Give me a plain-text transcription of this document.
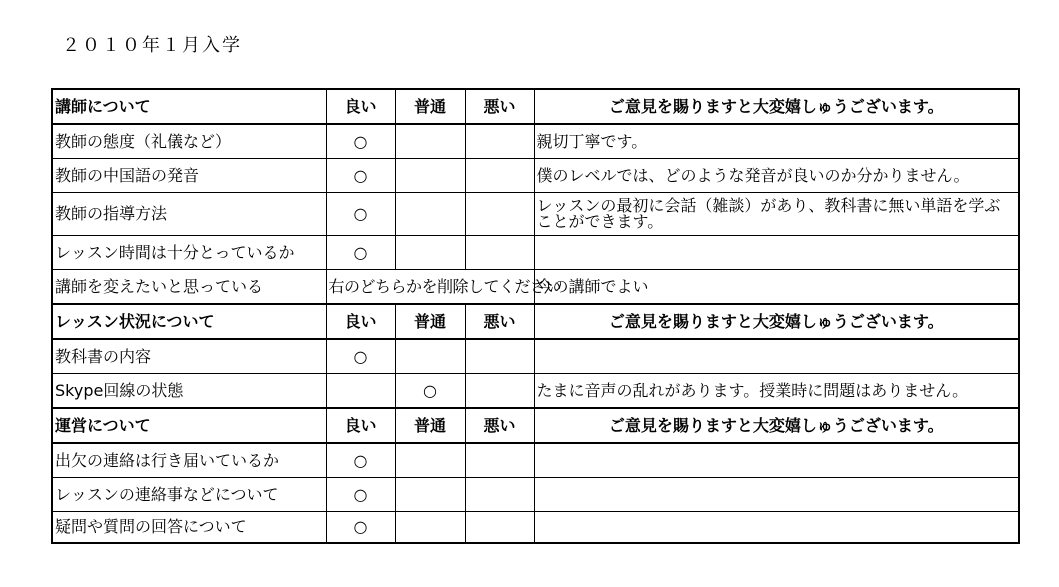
２０１０年１月入学
講師について	良い	普通	悪い	ご意見を賜りますと大変嬉しゅうございます。
教師の態度（礼儀など）	○			親切丁寧です。
教師の中国語の発音	○			僕のレベルでは、どのような発音が良いのか分かりません。
教師の指導方法	○			レッスンの最初に会話（雑談）があり、教科書に無い単語を学ぶことができます。
レッスン時間は十分とっているか	○			
講師を変えたいと思っている	右のどちらかを削除してください			今の講師でよい
レッスン状況について	良い	普通	悪い	ご意見を賜りますと大変嬉しゅうございます。
教科書の内容	○			
Skype回線の状態		○		たまに音声の乱れがあります。授業時に問題はありません。
運営について	良い	普通	悪い	ご意見を賜りますと大変嬉しゅうございます。
出欠の連絡は行き届いているか	○			
レッスンの連絡事などについて	○			
疑問や質問の回答について	○			
